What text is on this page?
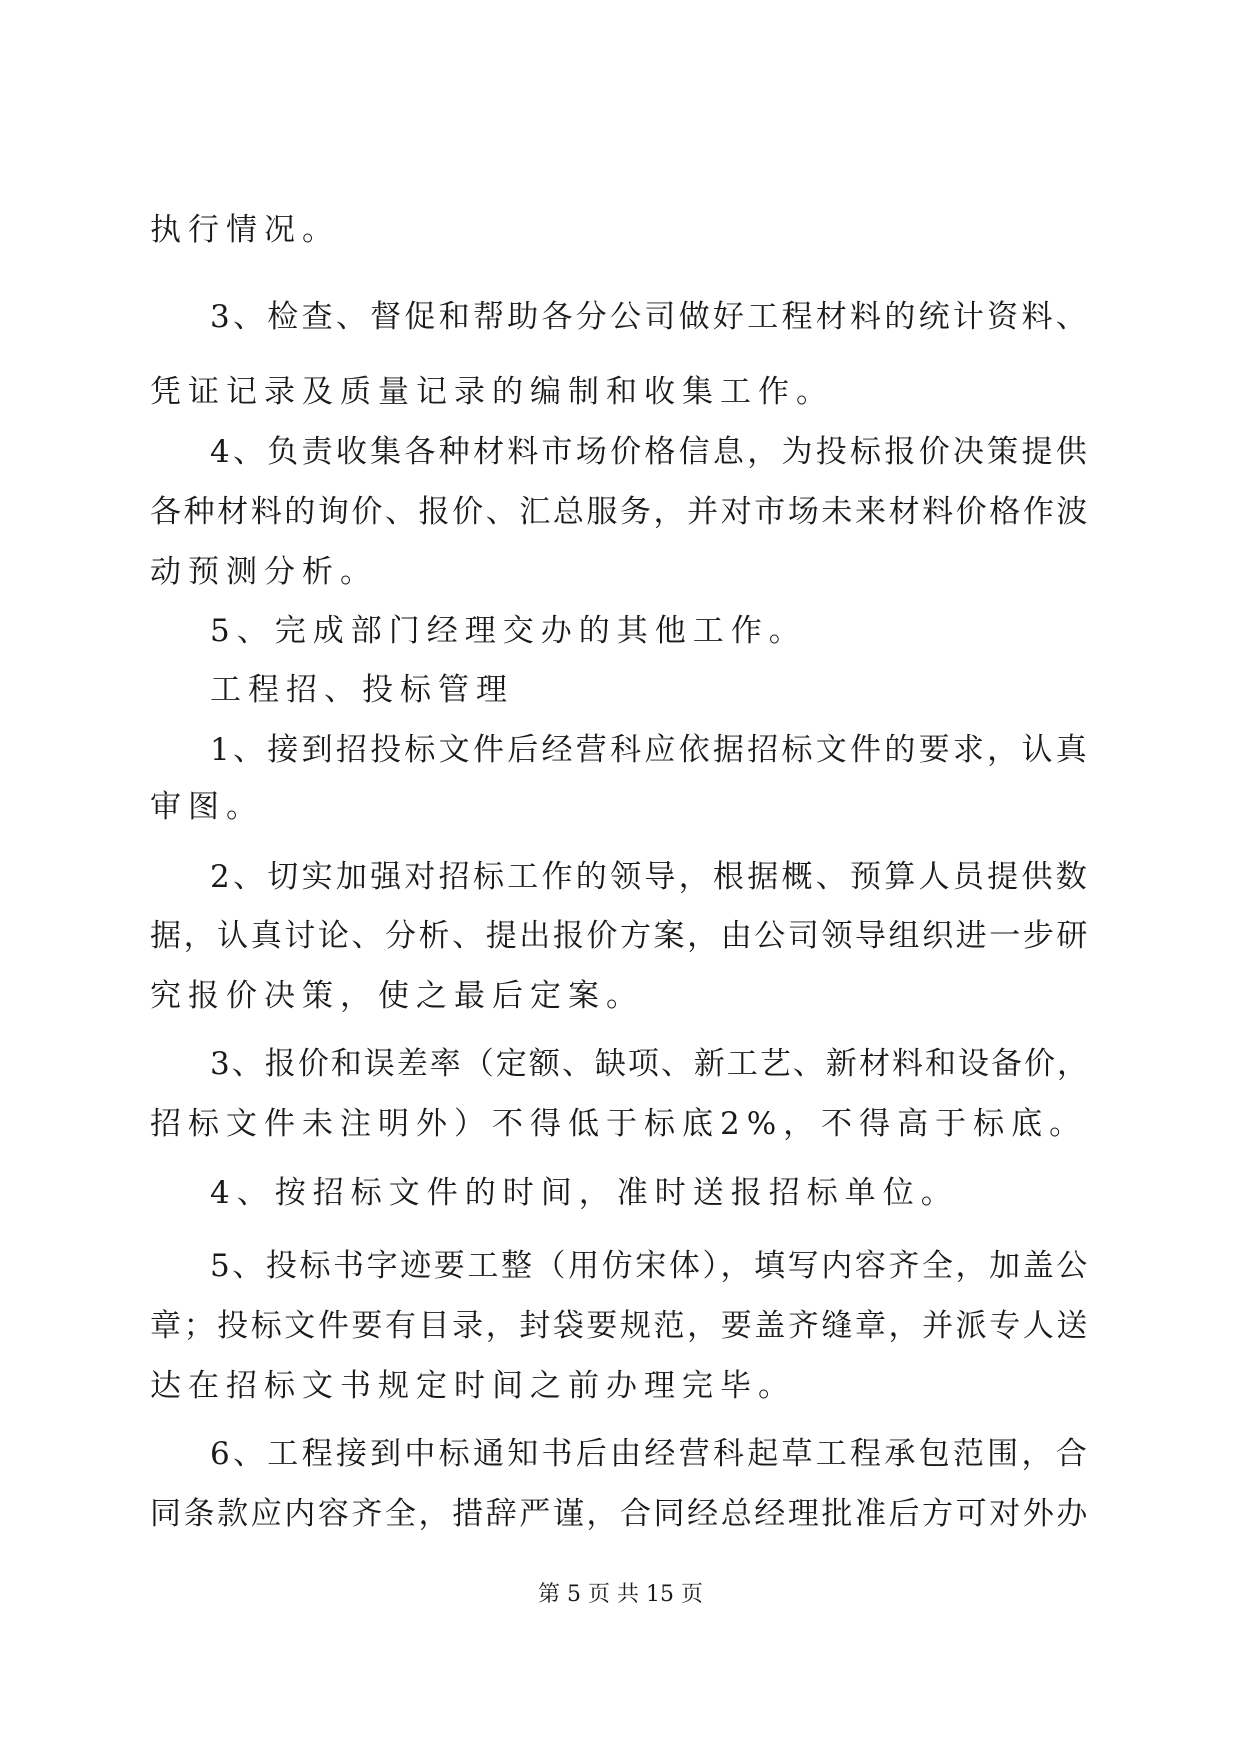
执行情况。
3、检查、督促和帮助各分公司做好工程材料的统计资料、
凭证记录及质量记录的编制和收集工作。
4、负责收集各种材料市场价格信息，为投标报价决策提供
各种材料的询价、报价、汇总服务，并对市场未来材料价格作波
动预测分析。
5、完成部门经理交办的其他工作。
工程招、投标管理
1、接到招投标文件后经营科应依据招标文件的要求，认真
审图。
2、切实加强对招标工作的领导，根据概、预算人员提供数
据，认真讨论、分析、提出报价方案，由公司领导组织进一步研
究报价决策，使之最后定案。
3、报价和误差率（定额、缺项、新工艺、新材料和设备价，
招标文件未注明外）不得低于标底2%，不得高于标底。
4、按招标文件的时间，准时送报招标单位。
5、投标书字迹要工整（用仿宋体），填写内容齐全，加盖公
章；投标文件要有目录，封袋要规范，要盖齐缝章，并派专人送
达在招标文书规定时间之前办理完毕。
6、工程接到中标通知书后由经营科起草工程承包范围，合
同条款应内容齐全，措辞严谨，合同经总经理批准后方可对外办
第 5 页 共 15 页
